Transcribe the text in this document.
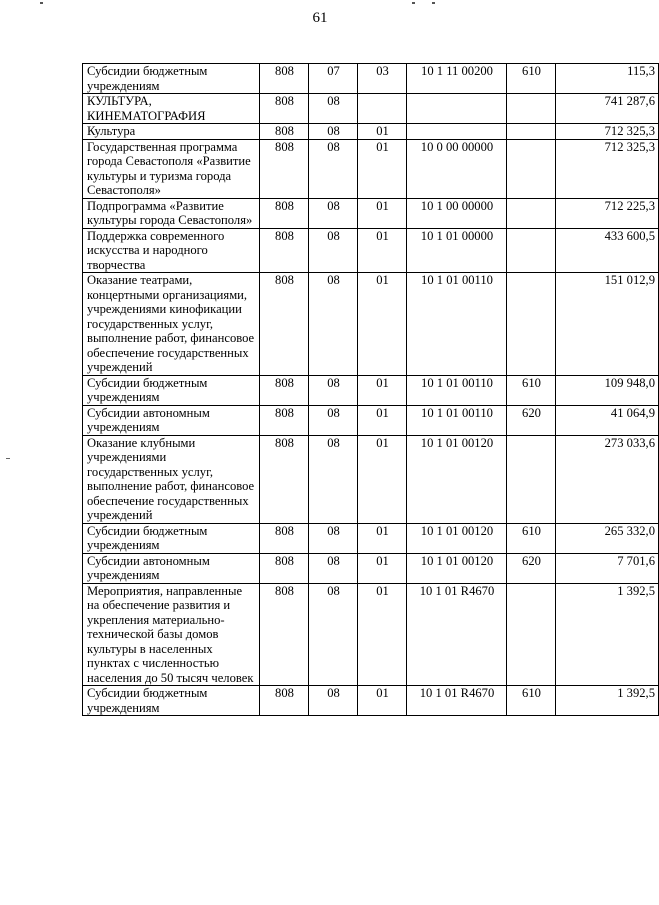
61
Субсидии бюджетным учреждениям	808	07	03	10 1 11 00200	610	115,3
КУЛЬТУРА, КИНЕМАТОГРАФИЯ	808	08				741 287,6
Культура	808	08	01			712 325,3
Государственная программа города Севастополя «Развитие культуры и туризма города Севастополя»	808	08	01	10 0 00 00000		712 325,3
Подпрограмма «Развитие культуры города Севастополя»	808	08	01	10 1 00 00000		712 225,3
Поддержка современного искусства и народного творчества	808	08	01	10 1 01 00000		433 600,5
Оказание театрами, концертными организациями, учреждениями кинофикации государственных услуг, выполнение работ, финансовое обеспечение государственных учреждений	808	08	01	10 1 01 00110		151 012,9
Субсидии бюджетным учреждениям	808	08	01	10 1 01 00110	610	109 948,0
Субсидии автономным учреждениям	808	08	01	10 1 01 00110	620	41 064,9
Оказание клубными учреждениями государственных услуг, выполнение работ, финансовое обеспечение государственных учреждений	808	08	01	10 1 01 00120		273 033,6
Субсидии бюджетным учреждениям	808	08	01	10 1 01 00120	610	265 332,0
Субсидии автономным учреждениям	808	08	01	10 1 01 00120	620	7 701,6
Мероприятия, направленные на обеспечение развития и укрепления материально-технической базы домов культуры в населенных пунктах с численностью населения до 50 тысяч человек	808	08	01	10 1 01 R4670		1 392,5
Субсидии бюджетным учреждениям	808	08	01	10 1 01 R4670	610	1 392,5
